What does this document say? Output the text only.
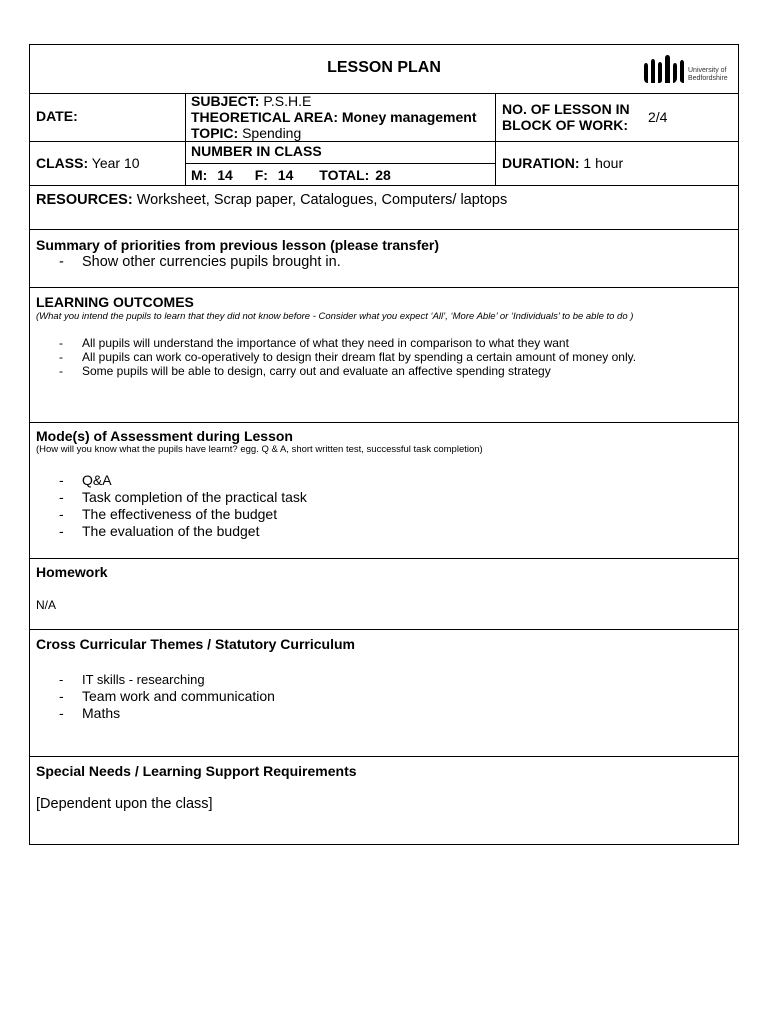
LESSON PLAN	University of
Bedfordshire
DATE:
SUBJECT: P.S.H.E
THEORETICAL AREA: Money management
TOPIC: Spending
NO. OF LESSON IN
BLOCK OF WORK: 2/4
CLASS: Year 10
NUMBER IN CLASS
M: 14 F: 14 TOTAL: 28
DURATION: 1 hour
RESOURCES: Worksheet, Scrap paper, Catalogues, Computers/ laptops
Summary of priorities from previous lesson (please transfer)
- Show other currencies pupils brought in.
LEARNING OUTCOMES
(What you intend the pupils to learn that they did not know before - Consider what you expect ‘All’, ‘More Able’ or ‘Individuals’ to be able to do )
- All pupils will understand the importance of what they need in comparison to what they want
- All pupils can work co-operatively to design their dream flat by spending a certain amount of money only.
- Some pupils will be able to design, carry out and evaluate an affective spending strategy
Mode(s) of Assessment during Lesson
(How will you know what the pupils have learnt? egg. Q & A, short written test, successful task completion)
- Q&A
- Task completion of the practical task
- The effectiveness of the budget
- The evaluation of the budget
Homework
N/A
Cross Curricular Themes / Statutory Curriculum
- IT skills - researching
- Team work and communication
- Maths
Special Needs / Learning Support Requirements
[Dependent upon the class]
